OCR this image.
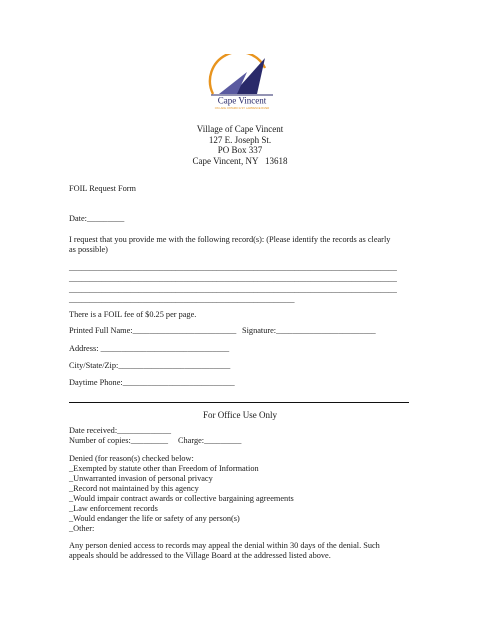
Cape Vincent
ON LAKE ONTARIO & ST. LAWRENCE RIVER
Village of Cape Vincent
127 E. Joseph St.
PO Box 337
Cape Vincent, NY   13618
FOIL Request Form
Date:_________
I request that you provide me with the following record(s): (Please identify the records as clearly
as possible)
________________________________________________________________________________
________________________________________________________________________________
________________________________________________________________________________
_______________________________________________________
There is a FOIL fee of $0.25 per page.
Printed Full Name:_________________________ Signature:________________________
Address: _______________________________
City/State/Zip:___________________________
Daytime Phone:___________________________
For Office Use Only
Date received:_____________
Number of copies:_________ Charge:_________
Denied (for reason(s) checked below:
_Exempted by statute other than Freedom of Information
_Unwarranted invasion of personal privacy
_Record not maintained by this agency
_Would impair contract awards or collective bargaining agreements
_Law enforcement records
_Would endanger the life or safety of any person(s)
_Other:
Any person denied access to records may appeal the denial within 30 days of the denial. Such
appeals should be addressed to the Village Board at the addressed listed above.
